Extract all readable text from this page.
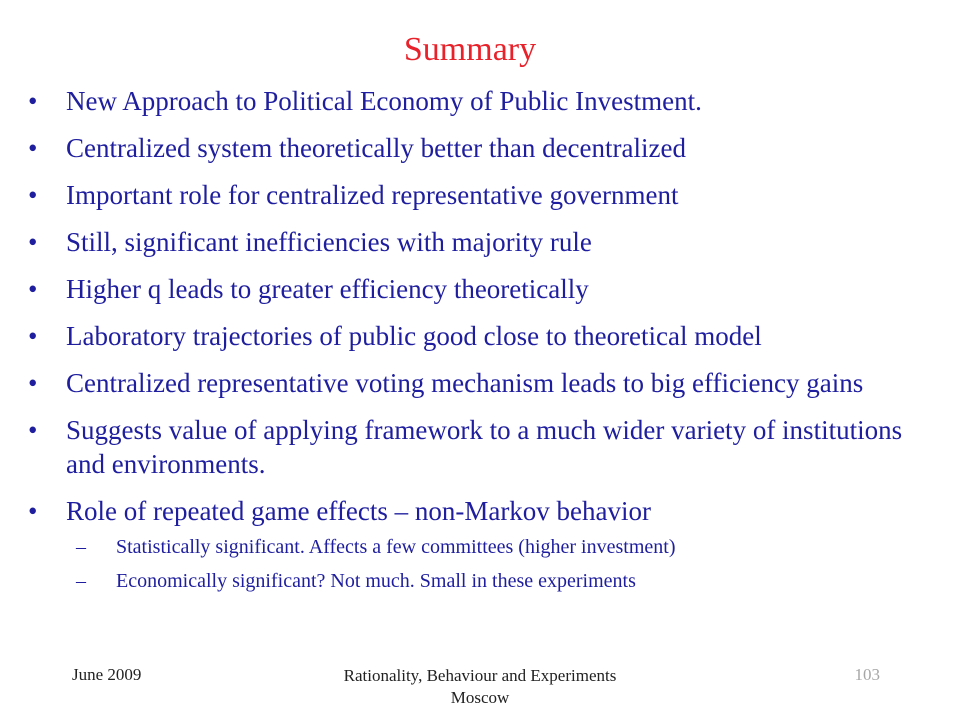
Summary
• New Approach to Political Economy of Public Investment.
• Centralized system theoretically better than decentralized
• Important role for centralized representative government
• Still, significant inefficiencies with majority rule
• Higher q leads to greater efficiency theoretically
• Laboratory trajectories of public good close to theoretical model
• Centralized representative voting mechanism leads to big efficiency gains
• Suggests value of applying framework to a much wider variety of institutions and environments.
• Role of repeated game effects – non-Markov behavior
– Statistically significant. Affects a few committees (higher investment)
– Economically significant? Not much. Small in these experiments
June 2009	Rationality, Behaviour and Experiments
Moscow
103
